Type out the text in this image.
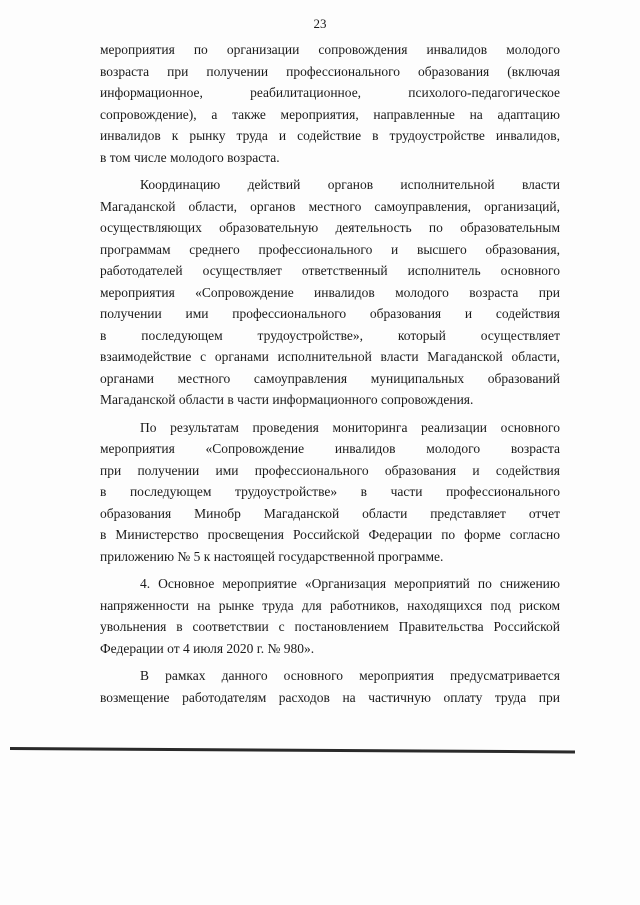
23

мероприятия по организации сопровождения инвалидов молодого
возраста при получении профессионального образования (включая
информационное, реабилитационное, психолого-педагогическое
сопровождение), а также мероприятия, направленные на адаптацию
инвалидов к рынку труда и содействие в трудоустройстве инвалидов,
в том числе молодого возраста.

Координацию действий органов исполнительной власти
Магаданской области, органов местного самоуправления, организаций,
осуществляющих образовательную деятельность по образовательным
программам среднего профессионального и высшего образования,
работодателей осуществляет ответственный исполнитель основного
мероприятия «Сопровождение инвалидов молодого возраста при
получении ими профессионального образования и содействия
в последующем трудоустройстве», который осуществляет
взаимодействие с органами исполнительной власти Магаданской области,
органами местного самоуправления муниципальных образований
Магаданской области в части информационного сопровождения.

По результатам проведения мониторинга реализации основного
мероприятия «Сопровождение инвалидов молодого возраста
при получении ими профессионального образования и содействия
в последующем трудоустройстве» в части профессионального
образования Минобр Магаданской области представляет отчет
в Министерство просвещения Российской Федерации по форме согласно
приложению № 5 к настоящей государственной программе.

4. Основное мероприятие «Организация мероприятий по снижению
напряженности на рынке труда для работников, находящихся под риском
увольнения в соответствии с постановлением Правительства Российской
Федерации от 4 июля 2020 г. № 980».

В рамках данного основного мероприятия предусматривается
возмещение работодателям расходов на частичную оплату труда при
